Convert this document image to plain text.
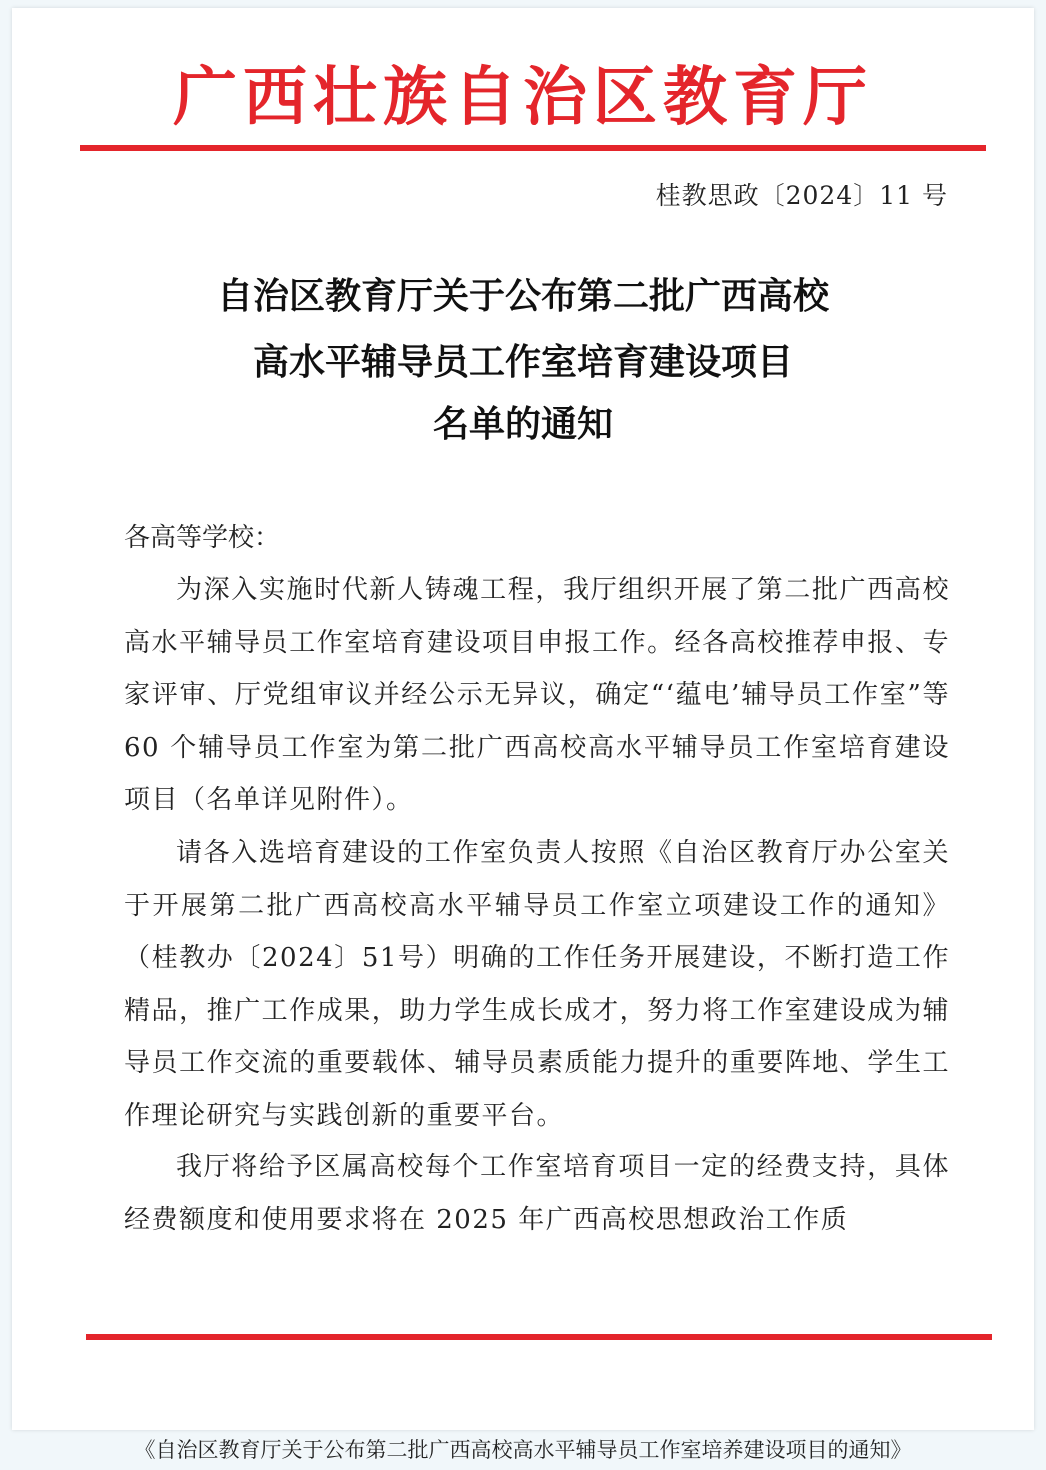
广西壮族自治区教育厅
桂教思政〔2024〕11 号
自治区教育厅关于公布第二批广西高校
高水平辅导员工作室培育建设项目
名单的通知
各高等学校：

为深入实施时代新人铸魂工程，我厅组织开展了第二批广西高校高水平辅导员工作室培育建设项目申报工作。经各高校推荐申报、专家评审、厅党组审议并经公示无异议，确定“‘蕴电’辅导员工作室”等 60 个辅导员工作室为第二批广西高校高水平辅导员工作室培育建设项目（名单详见附件）。

请各入选培育建设的工作室负责人按照《自治区教育厅办公室关于开展第二批广西高校高水平辅导员工作室立项建设工作的通知》（桂教办〔2024〕51号）明确的工作任务开展建设，不断打造工作精品，推广工作成果，助力学生成长成才，努力将工作室建设成为辅导员工作交流的重要载体、辅导员素质能力提升的重要阵地、学生工作理论研究与实践创新的重要平台。

我厅将给予区属高校每个工作室培育项目一定的经费支持，具体经费额度和使用要求将在 2025 年广西高校思想政治工作质

《自治区教育厅关于公布第二批广西高校高水平辅导员工作室培养建设项目的通知》
